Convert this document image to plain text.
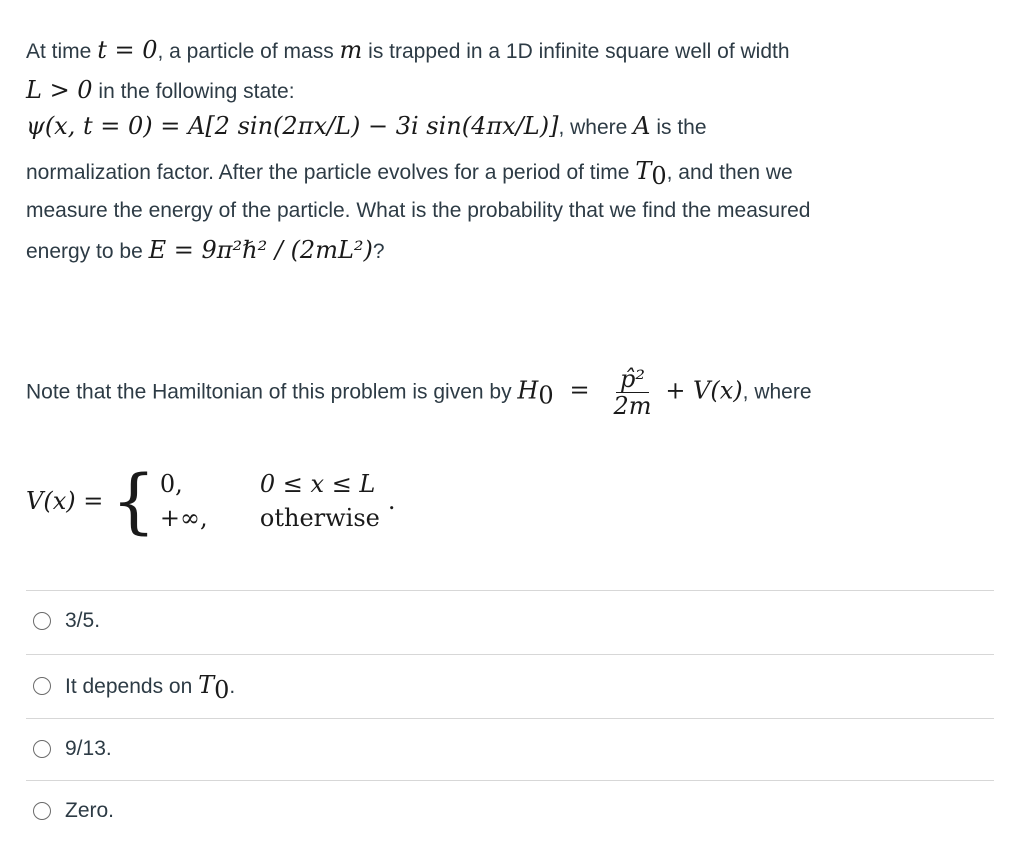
At time t = 0, a particle of mass m is trapped in a 1D infinite square well of width
L > 0 in the following state:
ψ(x, t = 0) = A[2 sin(2πx/L) − 3i sin(4πx/L)], where A is the
normalization factor. After the particle evolves for a period of time $T_0$, and then we
measure the energy of the particle. What is the probability that we find the measured
energy to be E = 9π²ℏ² / (2mL²)?
Note that the Hamiltonian of this problem is given by $H_0 = \frac{\text{p̂²}}{2m} + V(x)$, where
V(x) = { 0,	0 ≤ x ≤ L
+∞,	otherwise
.
3/5.
It depends on $T_0$.
9/13.
Zero.
